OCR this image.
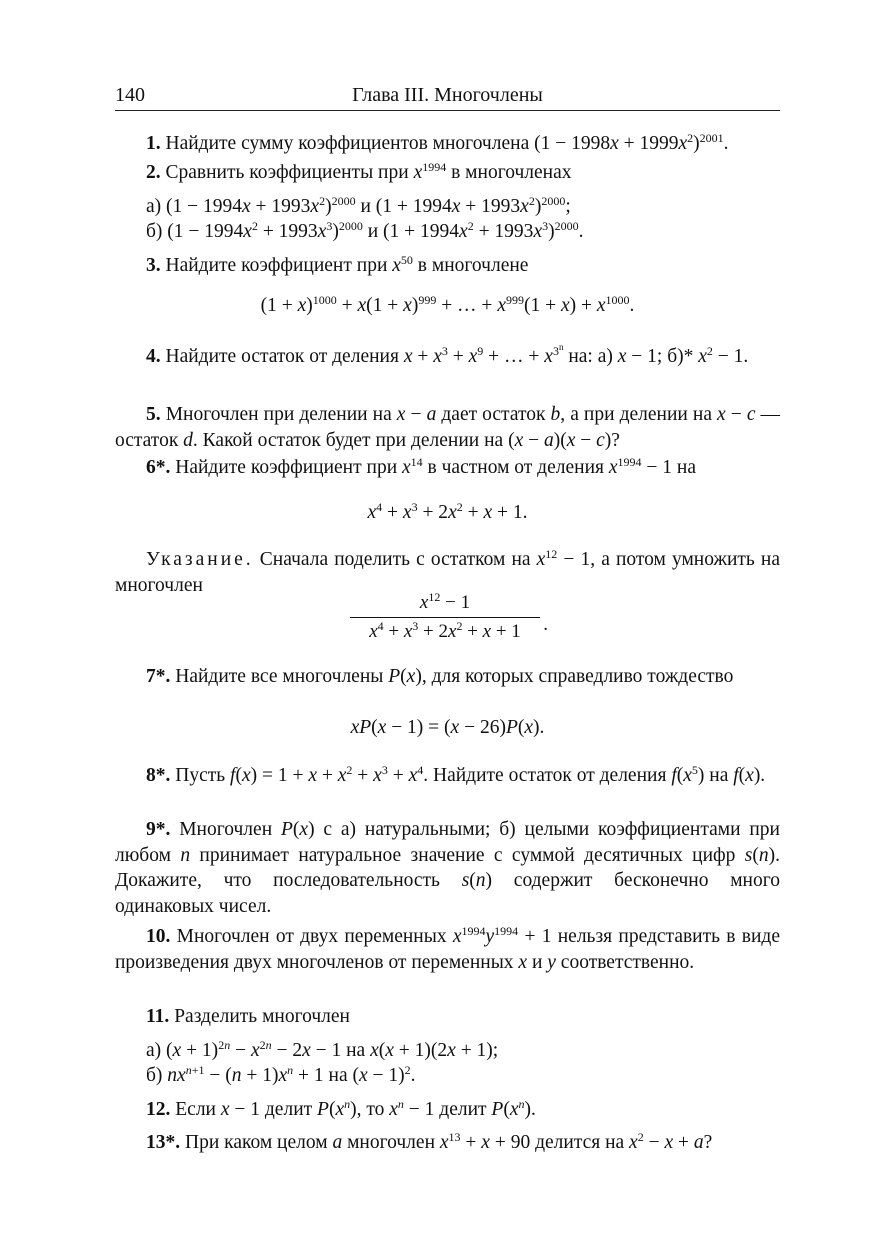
140	Глава III. Многочлены
1. Найдите сумму коэффициентов многочлена $(1 - 1998x + 1999x^2)^{2001}$.
2. Сравнить коэффициенты при $x^{1994}$ в многочленах
а) $(1 - 1994x + 1993x^2)^{2000}$ и $(1 + 1994x + 1993x^2)^{2000}$;
б) $(1 - 1994x^2 + 1993x^3)^{2000}$ и $(1 + 1994x^2 + 1993x^3)^{2000}$.
3. Найдите коэффициент при $x^{50}$ в многочлене
$(1 + x)^{1000} + x(1 + x)^{999}$ + … + $x^{999}(1 + x) + x^{1000}$.
4. Найдите остаток от деления $x + x^3 + x^9$ + … + $x^{3^n}$ на: а) x − 1; б)* $x^2 - 1$.
5. Многочлен при делении на x − a дает остаток b, а при делении на x − c — остаток d. Какой остаток будет при делении на (x − a)(x − c)?
6*. Найдите коэффициент при $x^{14}$ в частном от деления $x^{1994} - 1$ на
$x^4 + x^3 + 2x^2 + x + 1$.
Указание. Сначала поделить с остатком на $x^{12} - 1$, а потом умножить на многочлен
$x^{12} - 1$
$x^4 + x^3 + 2x^2 + x + 1$	.
7*. Найдите все многочлены P(x), для которых справедливо тождество
xP(x − 1) = (x − 26)P(x).
8*. Пусть $f(x) = 1 + x + x^2 + x^3 + x^4$. Найдите остаток от деления $f(x^5)$ на f(x).
9*. Многочлен P(x) с а) натуральными; б) целыми коэффициентами при любом n принимает натуральное значение с суммой десятичных цифр s(n). Докажите, что последовательность s(n) содержит бесконечно много одинаковых чисел.
10. Многочлен от двух переменных $x^{1994}y^{1994} + 1$ нельзя представить в виде произведения двух многочленов от переменных x и y соответственно.
11. Разделить многочлен
а) $(x + 1)^{2n} - x^{2n} - 2x - 1$ на x(x + 1)(2x + 1);
б) $nx^{n+1} - (n + 1)x^n + 1$ на $(x - 1)^2$.
12. Если x − 1 делит $P(x^n)$, то $x^n - 1$ делит $P(x^n)$.
13*. При каком целом a многочлен $x^{13} + x + 90$ делится на $x^2 - x + a$?
